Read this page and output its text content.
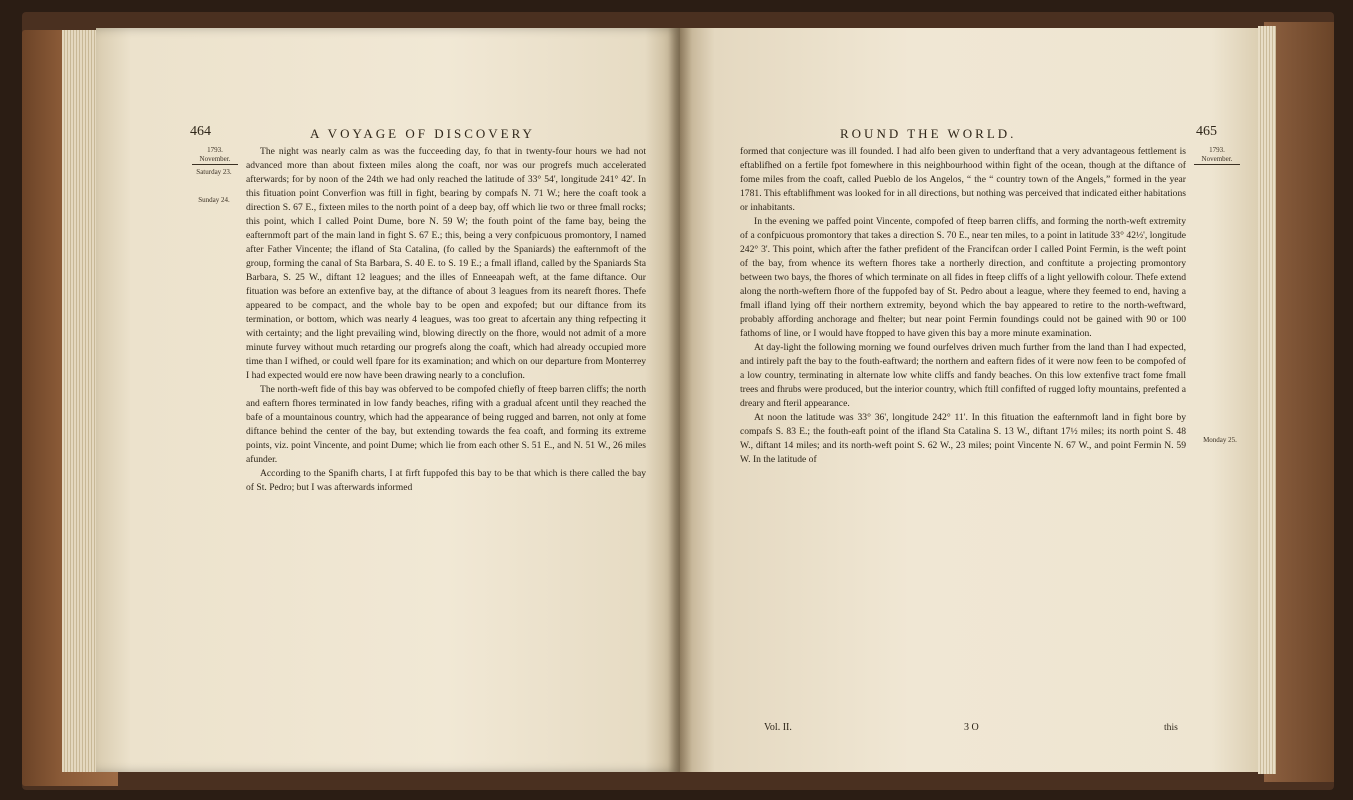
464	A VOYAGE OF DISCOVERY
1793.
November.
Saturday 23.
Sunday 24.

The night was nearly calm as was the fucceeding day, fo that in twenty-four hours we had not advanced more than about fixteen miles along the coaft, nor was our progrefs much accelerated afterwards; for by noon of the 24th we had only reached the latitude of 33° 54', longitude 241° 42'. In this fituation point Converfion was ftill in fight, bearing by compafs N. 71 W.; here the coaft took a direction S. 67 E., fixteen miles to the north point of a deep bay, off which lie two or three fmall rocks; this point, which I called Point Dume, bore N. 59 W; the fouth point of the fame bay, being the eafternmoft part of the main land in fight S. 67 E.; this, being a very confpicuous promontory, I named after Father Vincente; the ifland of Sta Catalina, (fo called by the Spaniards) the eafternmoft of the group, forming the canal of Sta Barbara, S. 40 E. to S. 19 E.; a fmall ifland, called by the Spaniards Sta Barbara, S. 25 W., diftant 12 leagues; and the illes of Enneeapah weft, at the fame diftance. Our fituation was before an extenfive bay, at the diftance of about 3 leagues from its neareft fhores. Thefe appeared to be compact, and the whole bay to be open and expofed; but our diftance from its termination, or bottom, which was nearly 4 leagues, was too great to afcertain any thing refpecting it with certainty; and the light prevailing wind, blowing directly on the fhore, would not admit of a more minute furvey without much retarding our progrefs along the coaft, which had already occupied more time than I wifhed, or could well fpare for its examination; and which on our departure from Monterrey I had expected would ere now have been drawing nearly to a conclufion.

The north-weft fide of this bay was obferved to be compofed chiefly of fteep barren cliffs; the north and eaftern fhores terminated in low fandy beaches, rifing with a gradual afcent until they reached the bafe of a mountainous country, which had the appearance of being rugged and barren, not only at fome diftance behind the center of the bay, but extending towards the fea coaft, and forming its extreme points, viz. point Vincente, and point Dume; which lie from each other S. 51 E., and N. 51 W., 26 miles afunder.

According to the Spanifh charts, I at firft fuppofed this bay to be that which is there called the bay of St. Pedro; but I was afterwards informed

ROUND THE WORLD.	465
1793.
November.
Monday 25.

formed that conjecture was ill founded. I had alfo been given to underftand that a very advantageous fettlement is eftablifhed on a fertile fpot fomewhere in this neighbourhood within fight of the ocean, though at the diftance of fome miles from the coaft, called Pueblo de los Angelos, “ the “ country town of the Angels,” formed in the year 1781. This eftablifhment was looked for in all directions, but nothing was perceived that indicated either habitations or inhabitants.

In the evening we paffed point Vincente, compofed of fteep barren cliffs, and forming the north-weft extremity of a confpicuous promontory that takes a direction S. 70 E., near ten miles, to a point in latitude 33° 42½', longitude 242° 3'. This point, which after the father prefident of the Francifcan order I called Point Fermin, is the weft point of the bay, from whence its weftern fhores take a northerly direction, and conftitute a projecting promontory between two bays, the fhores of which terminate on all fides in fteep cliffs of a light yellowifh colour. Thefe extend along the north-weftern fhore of the fuppofed bay of St. Pedro about a league, where they feemed to end, having a fmall ifland lying off their northern extremity, beyond which the bay appeared to retire to the north-weftward, probably affording anchorage and fhelter; but near point Fermin foundings could not be gained with 90 or 100 fathoms of line, or I would have ftopped to have given this bay a more minute examination.

At day-light the following morning we found ourfelves driven much further from the land than I had expected, and intirely paft the bay to the fouth-eaftward; the northern and eaftern fides of it were now feen to be compofed of a low country, terminating in alternate low white cliffs and fandy beaches. On this low extenfive tract fome fmall trees and fhrubs were produced, but the interior country, which ftill confifted of rugged lofty mountains, prefented a dreary and fteril appearance.

At noon the latitude was 33° 36', longitude 242° 11'. In this fituation the eafternmoft land in fight bore by compafs S. 83 E.; the fouth-eaft point of the ifland Sta Catalina S. 13 W., diftant 17½ miles; its north point S. 48 W., diftant 14 miles; and its north-weft point S. 62 W., 23 miles; point Vincente N. 67 W., and point Fermin N. 59 W. In the latitude of

Vol. II.	3 O	this
